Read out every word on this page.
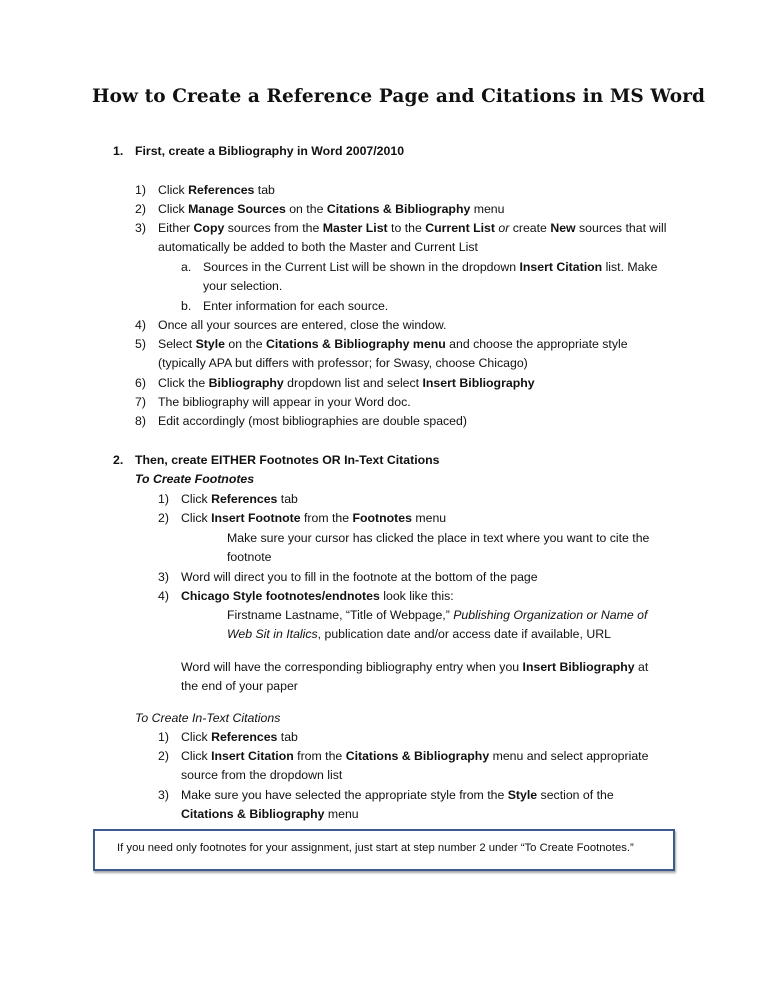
How to Create a Reference Page and Citations in MS Word
1. First, create a Bibliography in Word 2007/2010
1) Click References tab
2) Click Manage Sources on the Citations & Bibliography menu
3) Either Copy sources from the Master List to the Current List or create New sources that will
automatically be added to both the Master and Current List
a. Sources in the Current List will be shown in the dropdown Insert Citation list. Make
your selection.
b. Enter information for each source.
4) Once all your sources are entered, close the window.
5) Select Style on the Citations & Bibliography menu and choose the appropriate style
(typically APA but differs with professor; for Swasy, choose Chicago)
6) Click the Bibliography dropdown list and select Insert Bibliography
7) The bibliography will appear in your Word doc.
8) Edit accordingly (most bibliographies are double spaced)
2. Then, create EITHER Footnotes OR In-Text Citations
To Create Footnotes
1) Click References tab
2) Click Insert Footnote from the Footnotes menu
Make sure your cursor has clicked the place in text where you want to cite the
footnote
3) Word will direct you to fill in the footnote at the bottom of the page
4) Chicago Style footnotes/endnotes look like this:
Firstname Lastname, “Title of Webpage,” Publishing Organization or Name of
Web Sit in Italics, publication date and/or access date if available, URL
Word will have the corresponding bibliography entry when you Insert Bibliography at
the end of your paper
To Create In-Text Citations
1) Click References tab
2) Click Insert Citation from the Citations & Bibliography menu and select appropriate
source from the dropdown list
3) Make sure you have selected the appropriate style from the Style section of the
Citations & Bibliography menu
If you need only footnotes for your assignment, just start at step number 2 under “To Create Footnotes.”
